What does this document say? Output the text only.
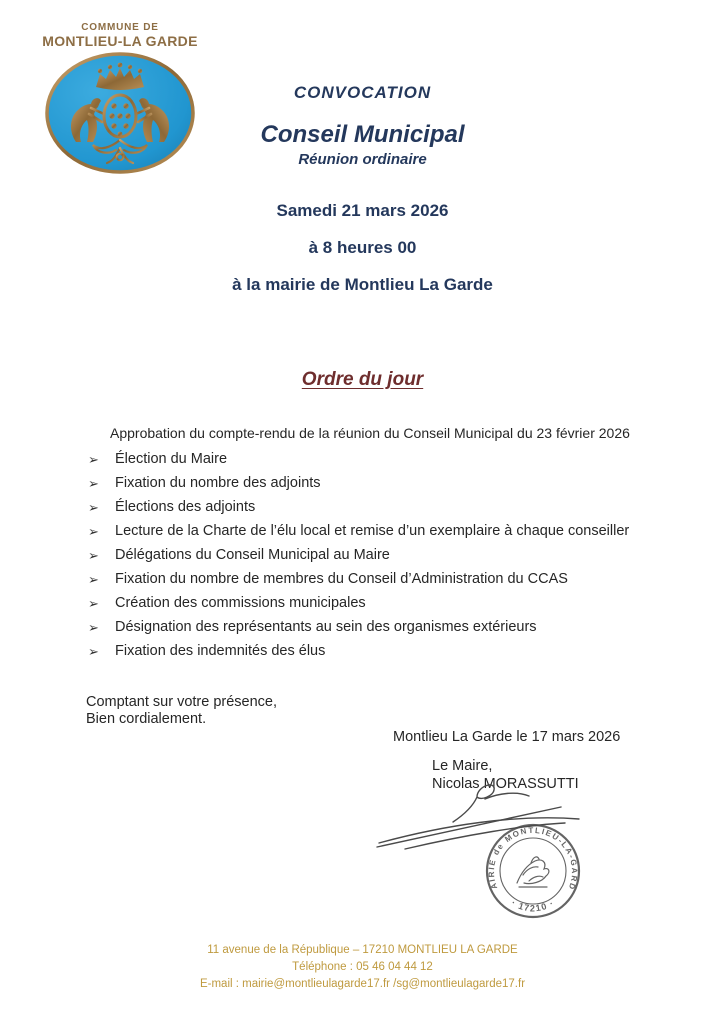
COMMUNE DE
MONTLIEU-LA GARDE
CONVOCATION
Conseil Municipal
Réunion ordinaire
Samedi 21 mars 2026
à 8 heures 00
à la mairie de Montlieu La Garde
Ordre du jour
Approbation du compte-rendu de la réunion du Conseil Municipal du 23 février 2026
➢	Élection du Maire
➢	Fixation du nombre des adjoints
➢	Élections des adjoints
➢	Lecture de la Charte de l’élu local et remise d’un exemplaire à chaque conseiller
➢	Délégations du Conseil Municipal au Maire
➢	Fixation du nombre de membres du Conseil d’Administration du CCAS
➢	Création des commissions municipales
➢	Désignation des représentants au sein des organismes extérieurs
➢	Fixation des indemnités des élus
Comptant sur votre présence,
Bien cordialement.
Montlieu La Garde le 17 mars 2026
Le Maire,
Nicolas MORASSUTTI
MAIRIE de MONTLIEU-LA-GARDE
· 17210 ·
11 avenue de la République – 17210 MONTLIEU LA GARDE
Téléphone : 05 46 04 44 12
E-mail : mairie@montlieulagarde17.fr /sg@montlieulagarde17.fr
